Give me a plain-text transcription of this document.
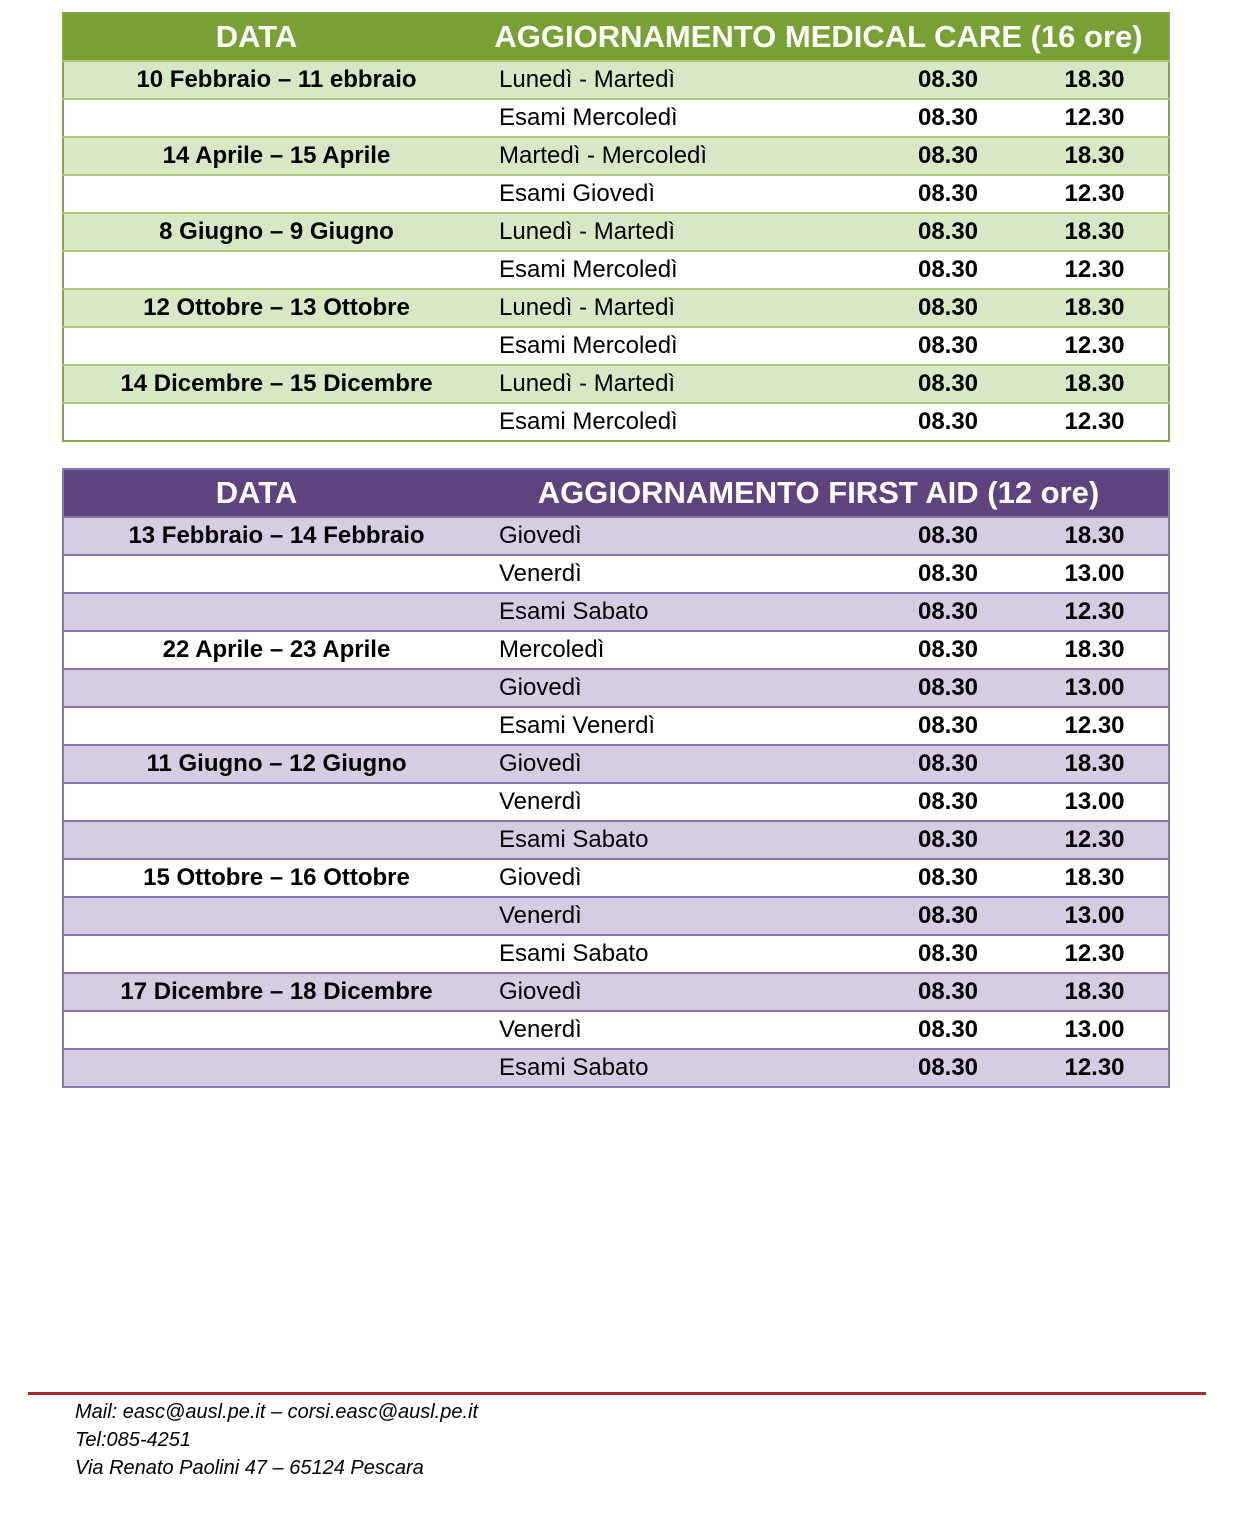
DATA	AGGIORNAMENTO MEDICAL CARE (16 ore)		
10 Febbraio – 11 ebbraio	Lunedì - Martedì	08.30	18.30
	Esami Mercoledì	08.30	12.30
14 Aprile – 15 Aprile	Martedì - Mercoledì	08.30	18.30
	Esami Giovedì	08.30	12.30
8 Giugno – 9 Giugno	Lunedì - Martedì	08.30	18.30
	Esami Mercoledì	08.30	12.30
12 Ottobre – 13 Ottobre	Lunedì - Martedì	08.30	18.30
	Esami Mercoledì	08.30	12.30
14 Dicembre – 15 Dicembre	Lunedì - Martedì	08.30	18.30
	Esami Mercoledì	08.30	12.30
DATA	AGGIORNAMENTO FIRST AID (12 ore)		
13 Febbraio – 14 Febbraio	Giovedì	08.30	18.30
	Venerdì	08.30	13.00
	Esami Sabato	08.30	12.30
22 Aprile – 23 Aprile	Mercoledì	08.30	18.30
	Giovedì	08.30	13.00
	Esami Venerdì	08.30	12.30
11 Giugno – 12 Giugno	Giovedì	08.30	18.30
	Venerdì	08.30	13.00
	Esami Sabato	08.30	12.30
15 Ottobre – 16 Ottobre	Giovedì	08.30	18.30
	Venerdì	08.30	13.00
	Esami Sabato	08.30	12.30
17 Dicembre – 18 Dicembre	Giovedì	08.30	18.30
	Venerdì	08.30	13.00
	Esami Sabato	08.30	12.30
Mail: easc@ausl.pe.it – corsi.easc@ausl.pe.it
Tel:085-4251
Via Renato Paolini 47 – 65124 Pescara
